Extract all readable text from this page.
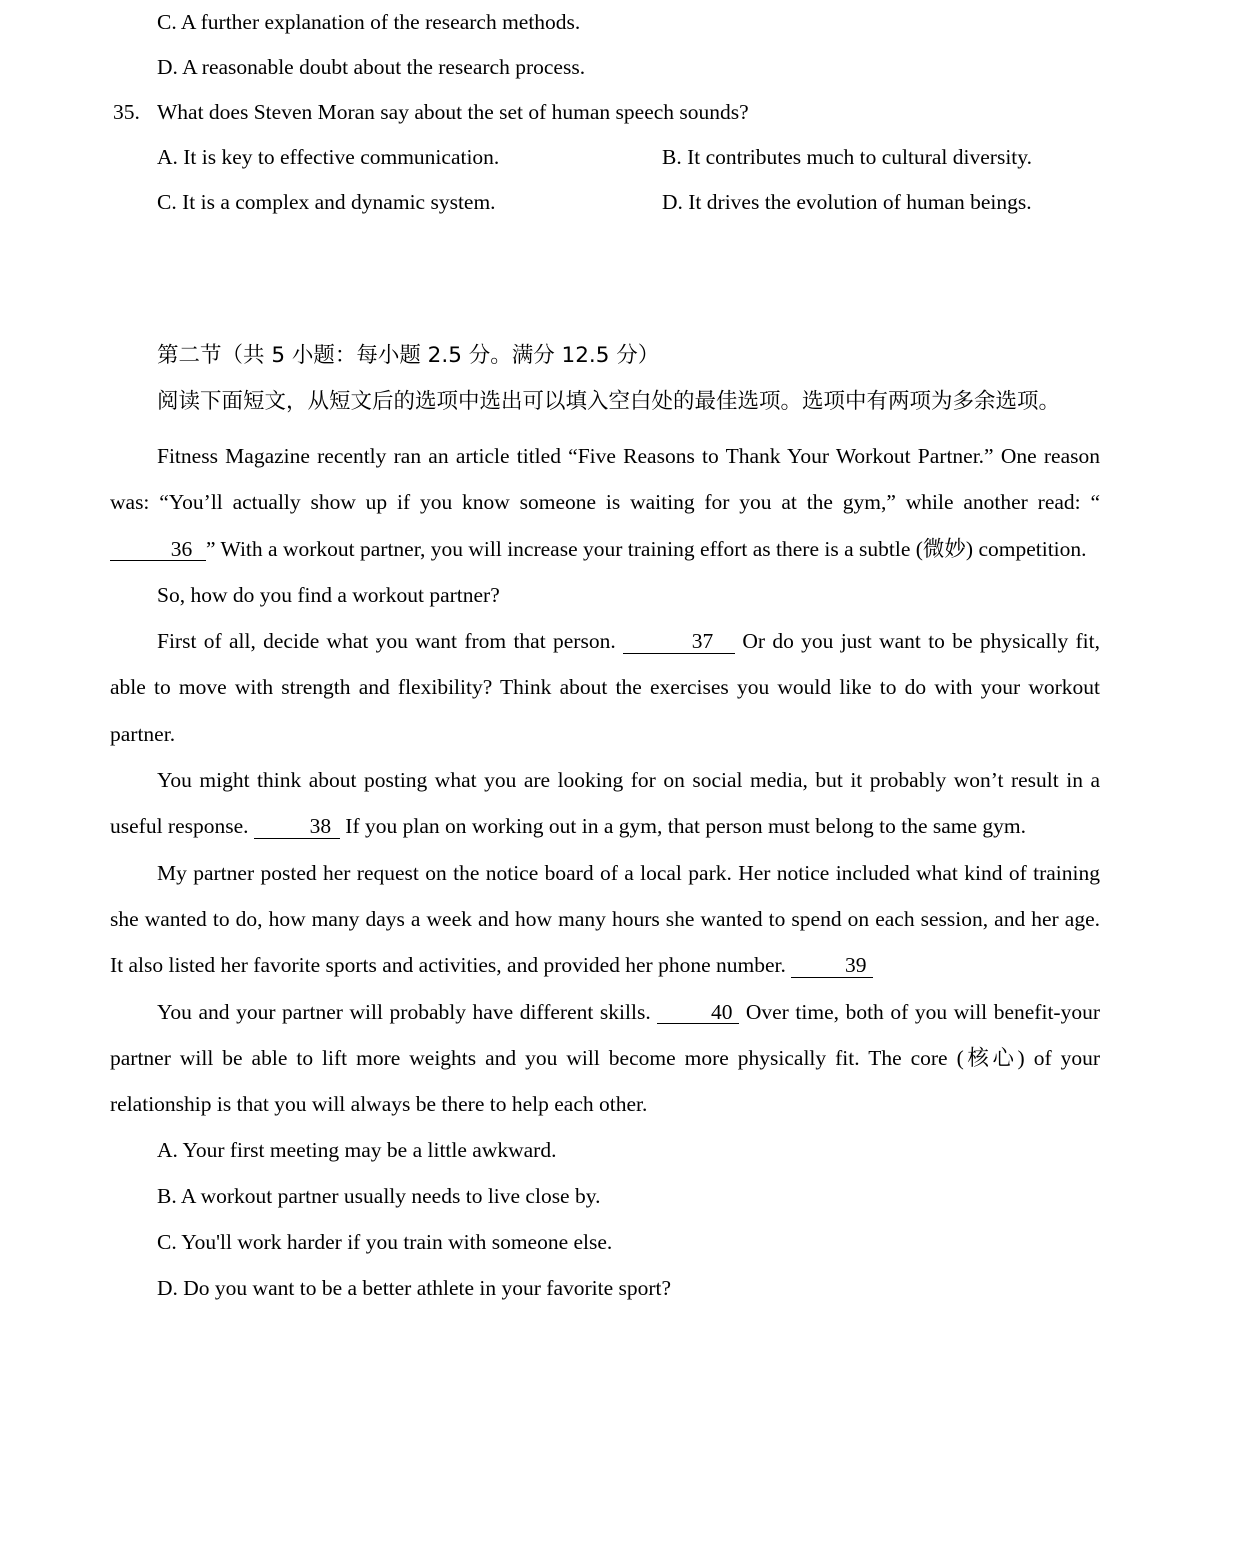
C. A further explanation of the research methods.
D. A reasonable doubt about the research process.
35. What does Steven Moran say about the set of human speech sounds?
A. It is key to effective communication.	B. It contributes much to cultural diversity.
C. It is a complex and dynamic system.	D. It drives the evolution of human beings.
第二节（共 5 小题：每小题 2.5 分。满分 12.5 分）
阅读下面短文，从短文后的选项中选出可以填入空白处的最佳选项。选项中有两项为多余选项。
Fitness Magazine recently ran an article titled “Five Reasons to Thank Your Workout Partner.” One reason was: “You’ll actually show up if you know someone is waiting for you at the gym,” while another read: “36 ” With a workout partner, you will increase your training effort as there is a subtle (微妙) competition.
So, how do you find a workout partner?
First of all, decide what you want from that person.	37 Or do you just want to be physically fit, able to move with strength and flexibility? Think about the exercises you would like to do with your workout partner.
You might think about posting what you are looking for on social media, but it probably won’t result in a useful response.	38 If you plan on working out in a gym, that person must belong to the same gym.
My partner posted her request on the notice board of a local park. Her notice included what kind of training she wanted to do, how many days a week and how many hours she wanted to spend on each session, and her age. It also listed her favorite sports and activities, and provided her phone number.	39
You and your partner will probably have different skills.	40 Over time, both of you will benefit-your partner will be able to lift more weights and you will become more physically fit. The core (核心) of your relationship is that you will always be there to help each other.
A. Your first meeting may be a little awkward.
B. A workout partner usually needs to live close by.
C. You'll work harder if you train with someone else.
D. Do you want to be a better athlete in your favorite sport?
